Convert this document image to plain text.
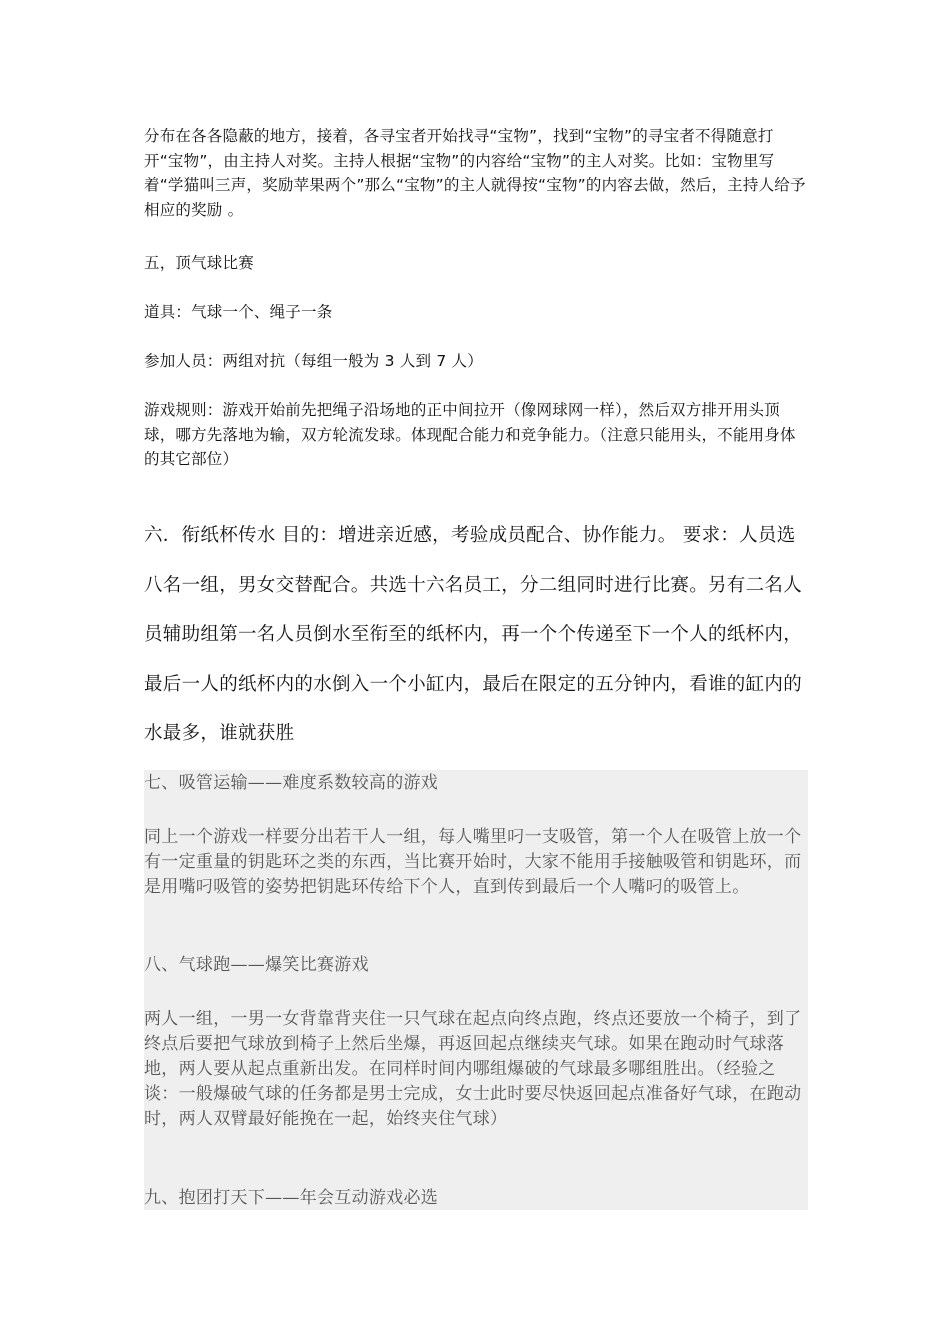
分布在各各隐蔽的地方，接着，各寻宝者开始找寻“宝物”，找到“宝物”的寻宝者不得随意打开“宝物”，由主持人对奖。主持人根据“宝物”的内容给“宝物”的主人对奖。比如：宝物里写着“学猫叫三声，奖励苹果两个”那么“宝物”的主人就得按“宝物”的内容去做，然后，主持人给予相应的奖励 。

五，顶气球比赛

道具：气球一个、绳子一条

参加人员：两组对抗（每组一般为 3 人到 7 人）

游戏规则：游戏开始前先把绳子沿场地的正中间拉开（像网球网一样），然后双方排开用头顶球，哪方先落地为输，双方轮流发球。体现配合能力和竞争能力。（注意只能用头，不能用身体的其它部位）

六．衔纸杯传水 目的：增进亲近感，考验成员配合、协作能力。 要求：人员选八名一组，男女交替配合。共选十六名员工，分二组同时进行比赛。另有二名人员辅助组第一名人员倒水至衔至的纸杯内，再一个个传递至下一个人的纸杯内，最后一人的纸杯内的水倒入一个小缸内，最后在限定的五分钟内，看谁的缸内的水最多，谁就获胜

七、吸管运输——难度系数较高的游戏

同上一个游戏一样要分出若干人一组，每人嘴里叼一支吸管，第一个人在吸管上放一个有一定重量的钥匙环之类的东西，当比赛开始时，大家不能用手接触吸管和钥匙环，而是用嘴叼吸管的姿势把钥匙环传给下个人，直到传到最后一个人嘴叼的吸管上。

八、气球跑——爆笑比赛游戏

两人一组，一男一女背靠背夹住一只气球在起点向终点跑，终点还要放一个椅子，到了终点后要把气球放到椅子上然后坐爆，再返回起点继续夹气球。如果在跑动时气球落地，两人要从起点重新出发。在同样时间内哪组爆破的气球最多哪组胜出。（经验之谈：一般爆破气球的任务都是男士完成，女士此时要尽快返回起点准备好气球，在跑动时，两人双臂最好能挽在一起，始终夹住气球）

九、抱团打天下——年会互动游戏必选
